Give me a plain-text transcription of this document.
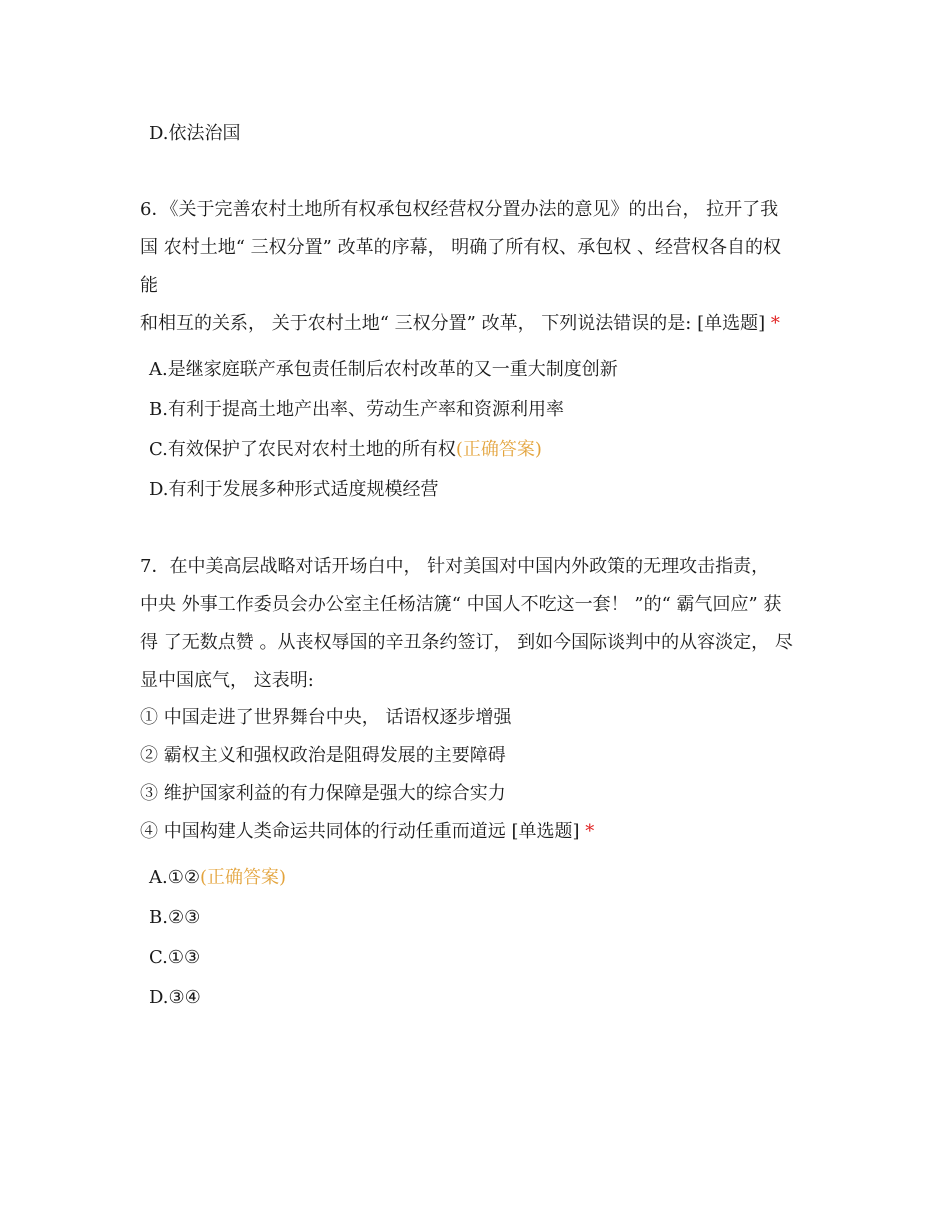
D.依法治国
6．《关于完善农村土地所有权承包权经营权分置办法的意见》的出台， 拉开了我
国 农村土地“ 三权分置” 改革的序幕， 明确了所有权、承包权 、经营权各自的权
能
和相互的关系， 关于农村土地“ 三权分置” 改革， 下列说法错误的是: [单选题] *
A.是继家庭联产承包责任制后农村改革的又一重大制度创新
B.有利于提高土地产出率、劳动生产率和资源利用率
C.有效保护了农民对农村土地的所有权(正确答案)
D.有利于发展多种形式适度规模经营
7．在中美高层战略对话开场白中， 针对美国对中国内外政策的无理攻击指责，
中央 外事工作委员会办公室主任杨洁篪“ 中国人不吃这一套！ ”的“ 霸气回应” 获
得 了无数点赞 。从丧权辱国的辛丑条约签订， 到如今国际谈判中的从容淡定， 尽
显中国底气， 这表明:
① 中国走进了世界舞台中央， 话语权逐步增强
② 霸权主义和强权政治是阻碍发展的主要障碍
③ 维护国家利益的有力保障是强大的综合实力
④ 中国构建人类命运共同体的行动任重而道远 [单选题] *
A.①②(正确答案)
B.②③
C.①③
D.③④
